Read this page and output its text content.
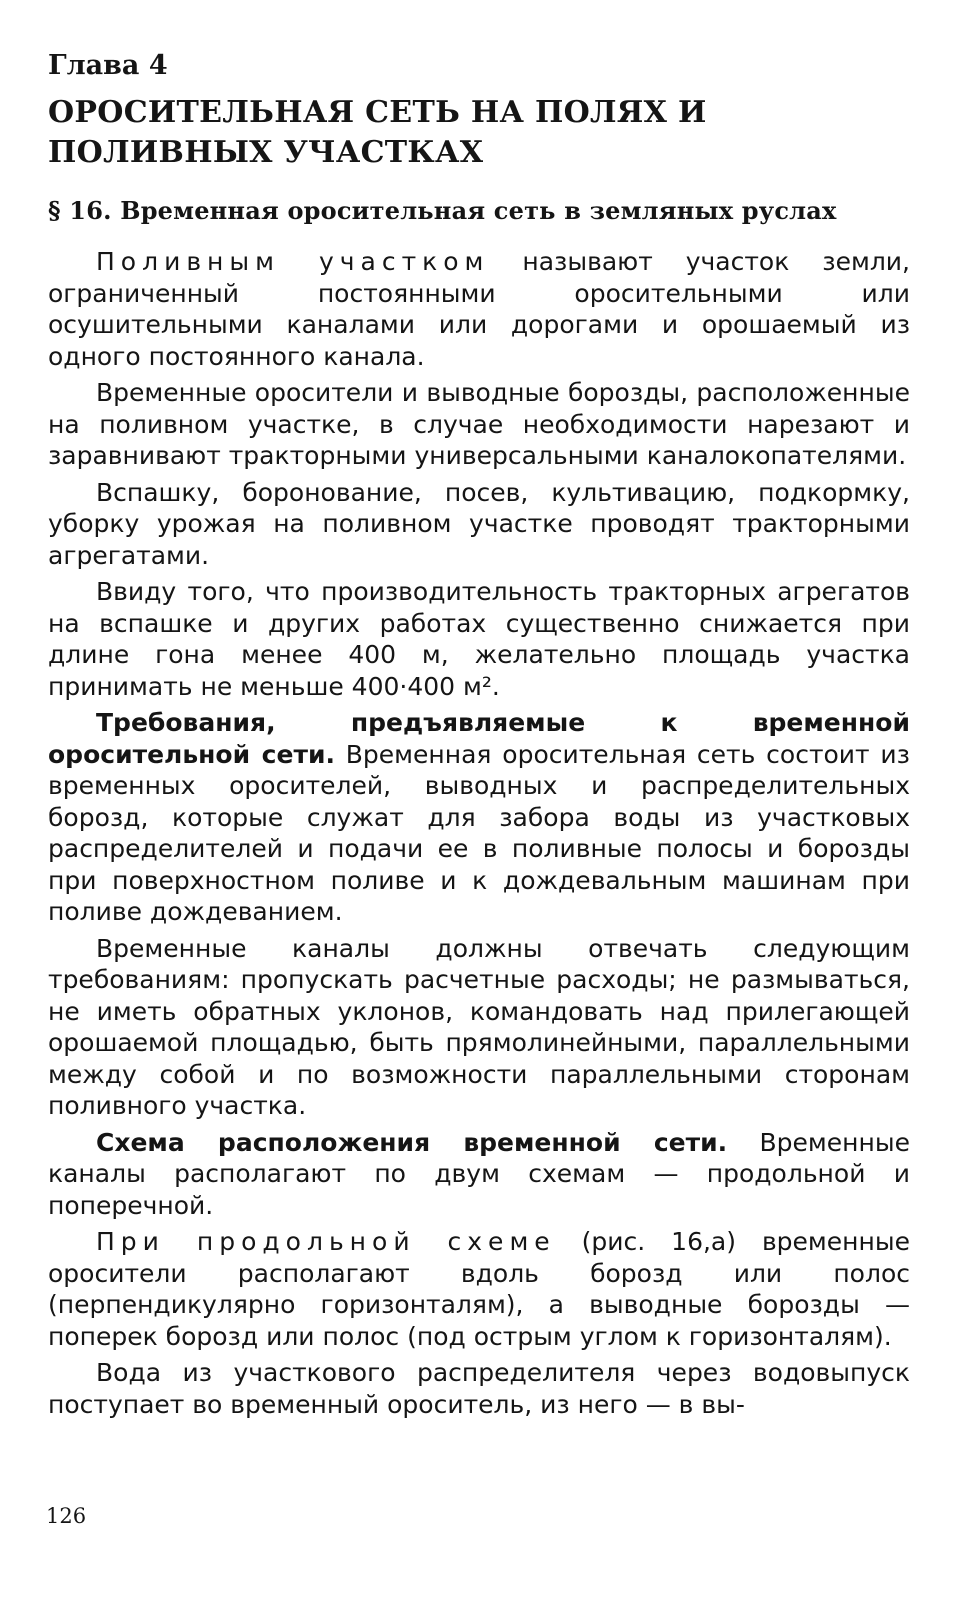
Глава 4
ОРОСИТЕЛЬНАЯ СЕТЬ НА ПОЛЯХ И ПОЛИВНЫХ УЧАСТКАХ
§ 16. Временная оросительная сеть в земляных руслах

Поливным участком называют участок земли, ограниченный постоянными оросительными или осушительными каналами или дорогами и орошаемый из одного постоянного канала.

Временные оросители и выводные борозды, расположенные на поливном участке, в случае необходимости нарезают и заравнивают тракторными универсальными каналокопателями.

Вспашку, боронование, посев, культивацию, подкормку, уборку урожая на поливном участке проводят тракторными агрегатами.

Ввиду того, что производительность тракторных агрегатов на вспашке и других работах существенно снижается при длине гона менее 400 м, желательно площадь участка принимать не меньше 400·400 м².

Требования, предъявляемые к временной оросительной сети. Временная оросительная сеть состоит из временных оросителей, выводных и распределительных борозд, которые служат для забора воды из участковых распределителей и подачи ее в поливные полосы и борозды при поверхностном поливе и к дождевальным машинам при поливе дождеванием.

Временные каналы должны отвечать следующим требованиям: пропускать расчетные расходы; не размываться, не иметь обратных уклонов, командовать над прилегающей орошаемой площадью, быть прямолинейными, параллельными между собой и по возможности параллельными сторонам поливного участка.

Схема расположения временной сети. Временные каналы располагают по двум схемам — продольной и поперечной.

При продольной схеме (рис. 16,а) временные оросители располагают вдоль борозд или полос (перпендикулярно горизонталям), а выводные борозды — поперек борозд или полос (под острым углом к горизонталям).

Вода из участкового распределителя через водовыпуск поступает во временный ороситель, из него — в вы-

126
